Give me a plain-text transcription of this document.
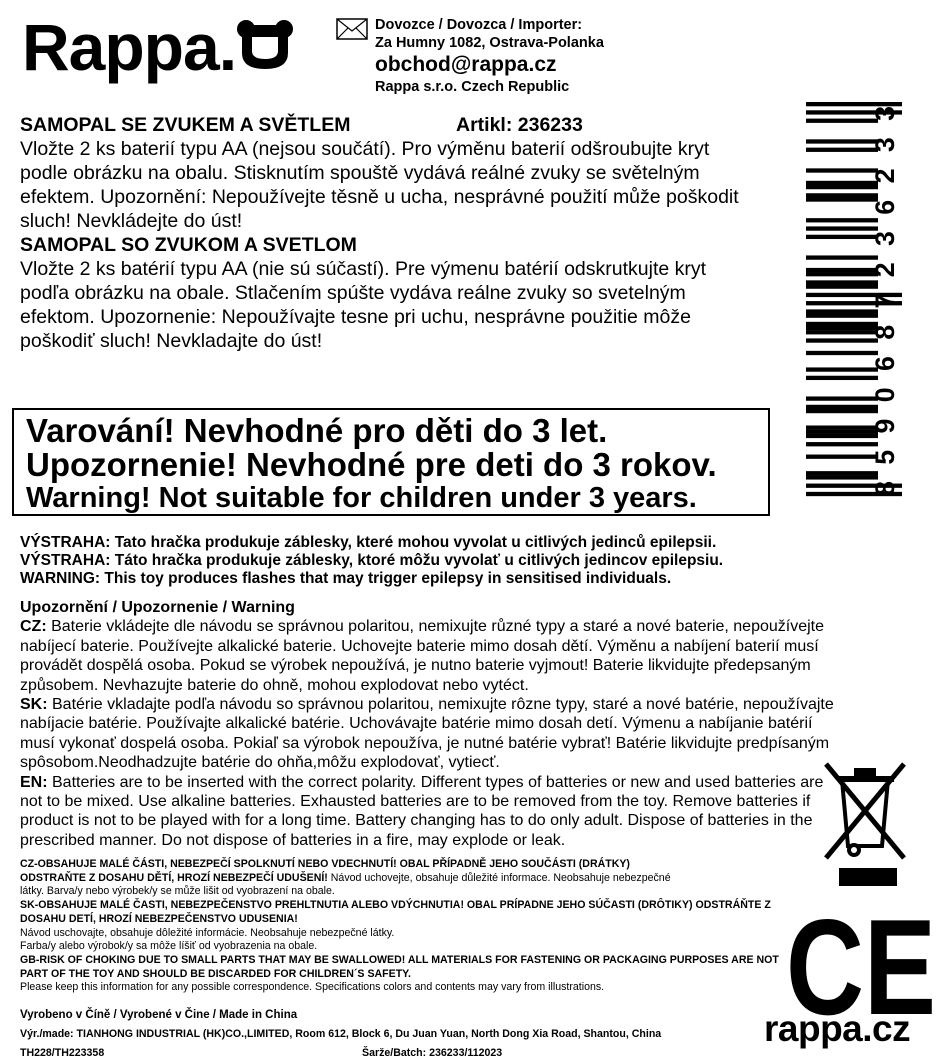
Rappa.	Dovozce / Dovozca / Importer:
Za Humny 1082, Ostrava-Polanka
obchod@rappa.cz
Rappa s.r.o. Czech Republic
SAMOPAL SE ZVUKEM A SVĚTLEM	Artikl: 236233
Vložte 2 ks baterií typu AA (nejsou součátí). Pro výměnu baterií odšroubujte kryt podle obrázku na obalu. Stisknutím spouště vydává reálné zvuky se světelným efektem. Upozornění: Nepoužívejte těsně u ucha, nesprávné použití může poškodit sluch! Nevkládejte do úst!
SAMOPAL SO ZVUKOM A SVETLOM
Vložte 2 ks batérií typu AA (nie sú súčastí). Pre výmenu batérií odskrutkujte kryt podľa obrázku na obale. Stlačením spúšte vydáva reálne zvuky so svetelným efektom. Upozornenie: Nepoužívajte tesne pri uchu, nesprávne použitie môže poškodiť sluch! Nevkladajte do úst!
8590687236233
Varování! Nevhodné pro děti do 3 let.
Upozornenie! Nevhodné pre deti do 3 rokov.
Warning! Not suitable for children under 3 years.
VÝSTRAHA: Tato hračka produkuje záblesky, které mohou vyvolat u citlivých jedinců epilepsii.
VÝSTRAHA: Táto hračka produkuje záblesky, ktoré môžu vyvolať u citlivých jedincov epilepsiu.
WARNING: This toy produces flashes that may trigger epilepsy in sensitised individuals.

Upozornění / Upozornenie / Warning

CZ: Baterie vkládejte dle návodu se správnou polaritou, nemixujte různé typy a staré a nové baterie, nepoužívejte nabíjecí baterie. Používejte alkalické baterie. Uchovejte baterie mimo dosah dětí. Výměnu a nabíjení baterií musí provádět dospělá osoba. Pokud se výrobek nepoužívá, je nutno baterie vyjmout! Baterie likvidujte předepsaným způsobem. Nevhazujte baterie do ohně, mohou explodovat nebo vytéct.

SK: Batérie vkladajte podľa návodu so správnou polaritou, nemixujte rôzne typy, staré a nové batérie, nepoužívajte nabíjacie batérie. Používajte alkalické batérie. Uchovávajte batérie mimo dosah detí. Výmenu a nabíjanie batérií musí vykonať dospelá osoba. Pokiaľ sa výrobok nepoužíva, je nutné batérie vybrať! Batérie likvidujte predpísaným spôsobom.Neodhadzujte batérie do ohňa,môžu explodovať, vytiecť.

EN: Batteries are to be inserted with the correct polarity. Different types of batteries or new and used batteries are not to be mixed. Use alkaline batteries. Exhausted batteries are to be removed from the toy. Remove batteries if product is not to be played with for a long time. Battery changing has to do only adult. Dispose of batteries in the prescribed manner. Do not dispose of batteries in a fire, may explode or leak.

CZ-OBSAHUJE MALÉ ČÁSTI, NEBEZPEČÍ SPOLKNUTÍ NEBO VDECHNUTÍ! OBAL PŘÍPADNĚ JEHO SOUČÁSTI (DRÁTKY) ODSTRAŇTE Z DOSAHU DĚTÍ, HROZÍ NEBEZPEČÍ UDUŠENÍ! Návod uchovejte, obsahuje důležité informace. Neobsahuje nebezpečné látky. Barva/y nebo výrobek/y se může lišit od vyobrazení na obale.

SK-OBSAHUJE MALÉ ČASTI, NEBEZPEČENSTVO PREHLTNUTIA ALEBO VDÝCHNUTIA! OBAL PRÍPADNE JEHO SÚČASTI (DRÔTIKY) ODSTRÁŇTE Z DOSAHU DETÍ, HROZÍ NEBEZPEČENSTVO UDUSENIA!

Návod uschovajte, obsahuje dôležité informácie. Neobsahuje nebezpečné látky.

Farba/y alebo výrobok/y sa môže líšiť od vyobrazenia na obale.

GB-RISK OF CHOKING DUE TO SMALL PARTS THAT MAY BE SWALLOWED! ALL MATERIALS FOR FASTENING OR PACKAGING PURPOSES ARE NOT PART OF THE TOY AND SHOULD BE DISCARDED FOR CHILDREN´S SAFETY.

Please keep this information for any possible correspondence. Specifications colors and contents may vary from illustrations.

Vyrobeno v Číně / Vyrobené v Čine / Made in China
Výr./made: TIANHONG INDUSTRIAL (HK)CO.,LIMITED, Room 612, Block 6, Du Juan Yuan, North Dong Xia Road, Shantou, China
TH228/TH223358	Šarže/Batch: 236233/112023
CE
rappa.cz
